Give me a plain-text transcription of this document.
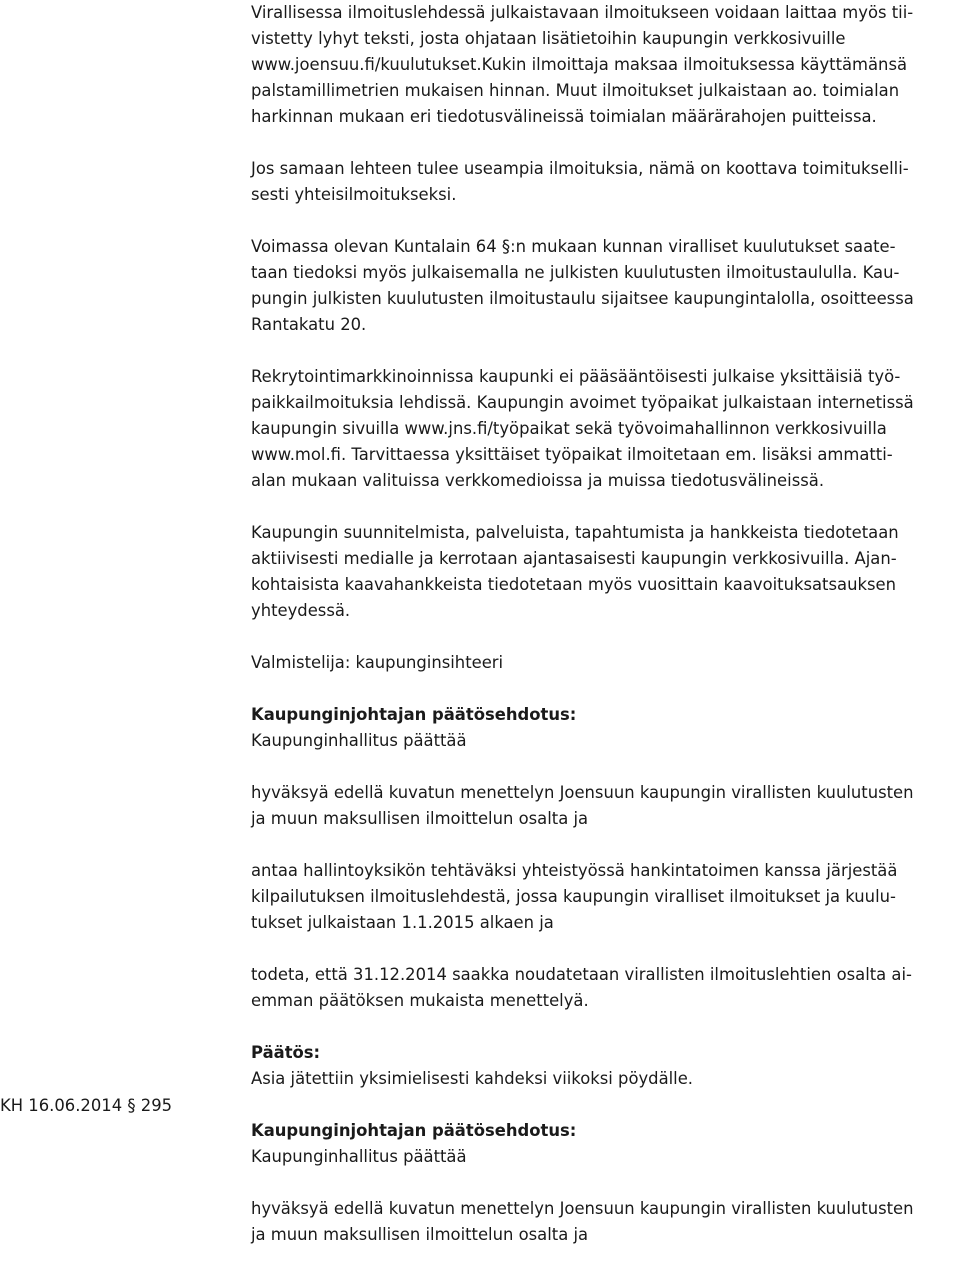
Virallisessa ilmoituslehdessä julkaistavaan ilmoitukseen voidaan laittaa myös tii-
vistetty lyhyt teksti, josta ohjataan lisätietoihin kaupungin verkkosivuille
www.joensuu.fi/kuulutukset.Kukin ilmoittaja maksaa ilmoituksessa käyttämänsä
palstamillimetrien mukaisen hinnan. Muut ilmoitukset julkaistaan ao. toimialan
harkinnan mukaan eri tiedotusvälineissä toimialan määrärahojen puitteissa.
Jos samaan lehteen tulee useampia ilmoituksia, nämä on koottava toimitukselli-
sesti yhteisilmoitukseksi.
Voimassa olevan Kuntalain 64 §:n mukaan kunnan viralliset kuulutukset saate-
taan tiedoksi myös julkaisemalla ne julkisten kuulutusten ilmoitustaululla. Kau-
pungin julkisten kuulutusten ilmoitustaulu sijaitsee kaupungintalolla, osoitteessa
Rantakatu 20.
Rekrytointimarkkinoinnissa kaupunki ei pääsääntöisesti julkaise yksittäisiä työ-
paikkailmoituksia lehdissä. Kaupungin avoimet työpaikat julkaistaan internetissä
kaupungin sivuilla www.jns.fi/työpaikat sekä työvoimahallinnon verkkosivuilla
www.mol.fi. Tarvittaessa yksittäiset työpaikat ilmoitetaan em. lisäksi ammatti-
alan mukaan valituissa verkkomedioissa ja muissa tiedotusvälineissä.
Kaupungin suunnitelmista, palveluista, tapahtumista ja hankkeista tiedotetaan
aktiivisesti medialle ja kerrotaan ajantasaisesti kaupungin verkkosivuilla. Ajan-
kohtaisista kaavahankkeista tiedotetaan myös vuosittain kaavoituksatsauksen
yhteydessä.
Valmistelija: kaupunginsihteeri
Kaupunginjohtajan päätösehdotus:
Kaupunginhallitus päättää
hyväksyä edellä kuvatun menettelyn Joensuun kaupungin virallisten kuulutusten
ja muun maksullisen ilmoittelun osalta ja
antaa hallintoyksikön tehtäväksi yhteistyössä hankintatoimen kanssa järjestää
kilpailutuksen ilmoituslehdestä, jossa kaupungin viralliset ilmoitukset ja kuulu-
tukset julkaistaan 1.1.2015 alkaen ja
todeta, että 31.12.2014 saakka noudatetaan virallisten ilmoituslehtien osalta ai-
emman päätöksen mukaista menettelyä.
Päätös:
Asia jätettiin yksimielisesti kahdeksi viikoksi pöydälle.
Kaupunginjohtajan päätösehdotus:
Kaupunginhallitus päättää
hyväksyä edellä kuvatun menettelyn Joensuun kaupungin virallisten kuulutusten
ja muun maksullisen ilmoittelun osalta ja
KH 16.06.2014 § 295
